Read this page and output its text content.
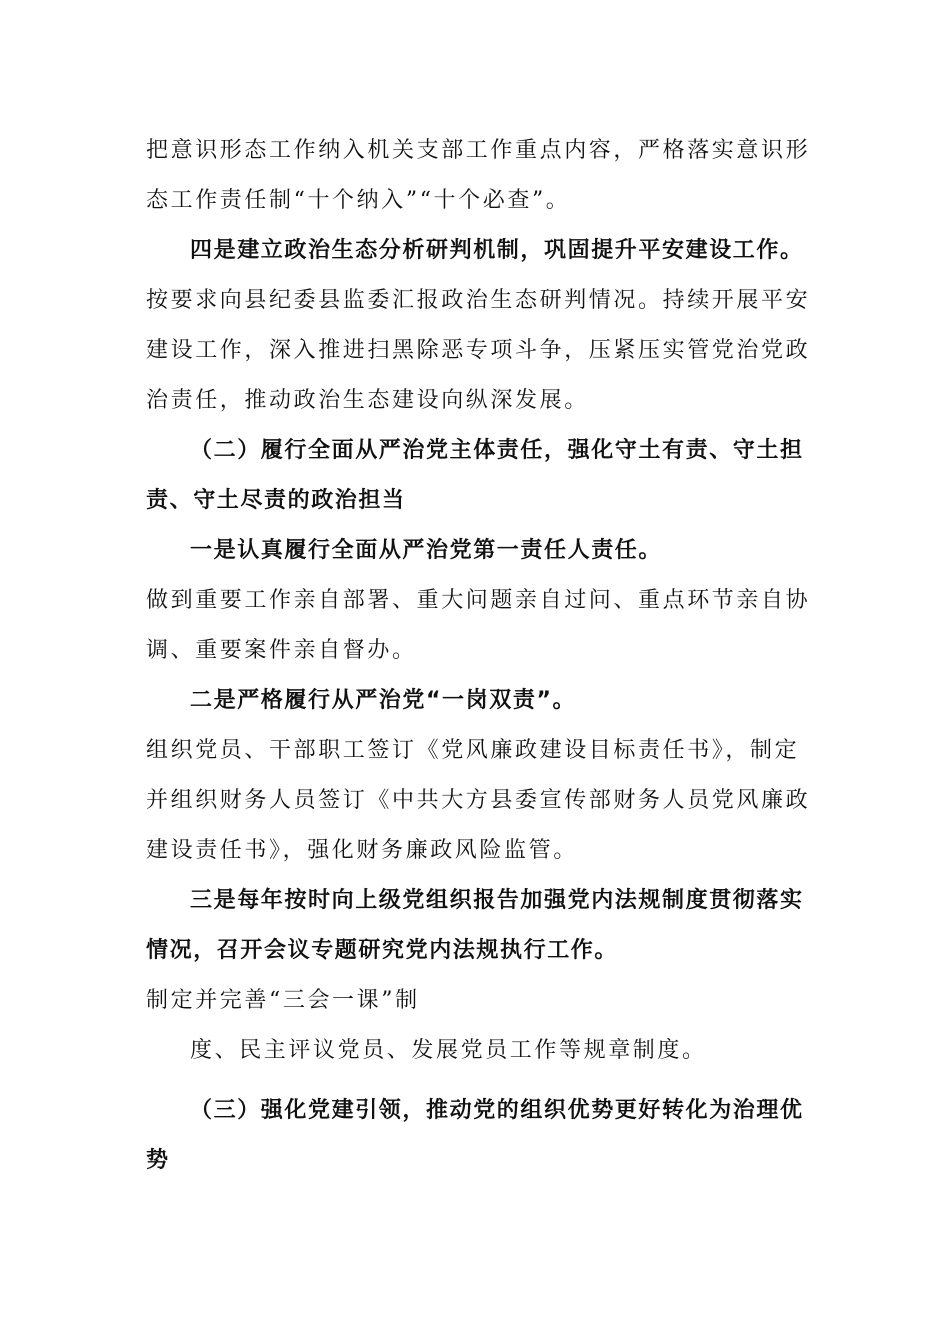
把意识形态工作纳入机关支部工作重点内容，严格落实意识形
态工作责任制“十个纳入”“十个必查”。
四是建立政治生态分析研判机制，巩固提升平安建设工作。
按要求向县纪委县监委汇报政治生态研判情况。持续开展平安
建设工作，深入推进扫黑除恶专项斗争，压紧压实管党治党政
治责任，推动政治生态建设向纵深发展。
（二）履行全面从严治党主体责任，强化守土有责、守土担
责、守土尽责的政治担当
一是认真履行全面从严治党第一责任人责任。
做到重要工作亲自部署、重大问题亲自过问、重点环节亲自协
调、重要案件亲自督办。
二是严格履行从严治党“一岗双责”。
组织党员、干部职工签订《党风廉政建设目标责任书》，制定
并组织财务人员签订《中共大方县委宣传部财务人员党风廉政
建设责任书》，强化财务廉政风险监管。
三是每年按时向上级党组织报告加强党内法规制度贯彻落实
情况，召开会议专题研究党内法规执行工作。
制定并完善“三会一课”制
度、民主评议党员、发展党员工作等规章制度。
（三）强化党建引领，推动党的组织优势更好转化为治理优
势
